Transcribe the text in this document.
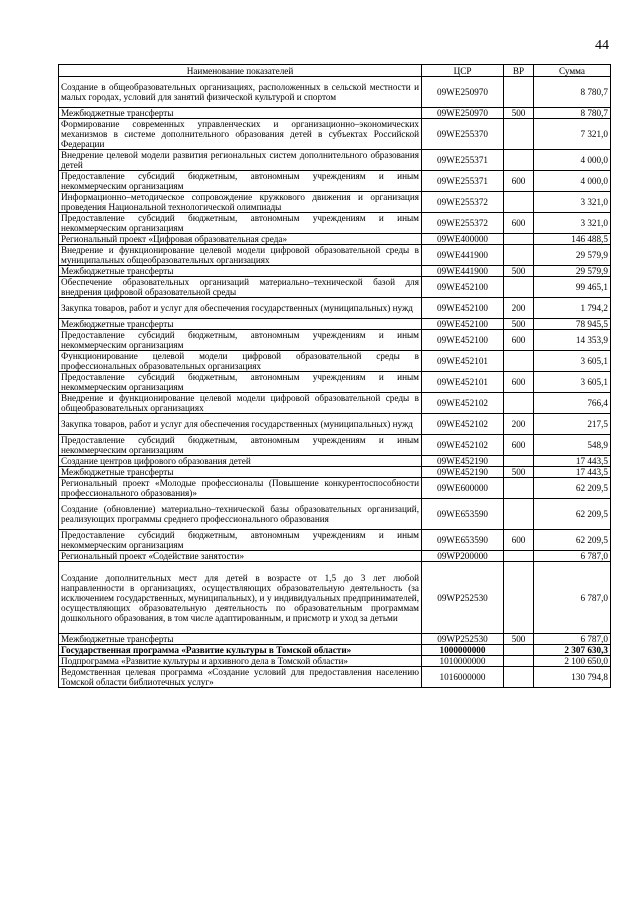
44
Наименование показателей	ЦСР	ВР	Сумма
Создание в общеобразовательных организациях, расположенных в сельской местности и малых городах, условий для занятий физической культурой и спортом	09WE250970		8 780,7
Межбюджетные трансферты	09WE250970	500	8 780,7
Формирование современных управленческих и организационно–экономических механизмов в системе дополнительного образования детей в субъектах Российской Федерации	09WE255370		7 321,0
Внедрение целевой модели развития региональных систем дополнительного образования детей	09WE255371		4 000,0
Предоставление субсидий бюджетным, автономным учреждениям и иным некоммерческим организациям	09WE255371	600	4 000,0
Информационно–методическое сопровождение кружкового движения и организация проведения Национальной технологической олимпиады	09WE255372		3 321,0
Предоставление субсидий бюджетным, автономным учреждениям и иным некоммерческим организациям	09WE255372	600	3 321,0
Региональный проект «Цифровая образовательная среда»	09WE400000		146 488,5
Внедрение и функционирование целевой модели цифровой образовательной среды в муниципальных общеобразовательных организациях	09WE441900		29 579,9
Межбюджетные трансферты	09WE441900	500	29 579,9
Обеспечение образовательных организаций материально–технической базой для внедрения цифровой образовательной среды	09WE452100		99 465,1
Закупка товаров, работ и услуг для обеспечения государственных (муниципальных) нужд	09WE452100	200	1 794,2
Межбюджетные трансферты	09WE452100	500	78 945,5
Предоставление субсидий бюджетным, автономным учреждениям и иным некоммерческим организациям	09WE452100	600	14 353,9
Функционирование целевой модели цифровой образовательной среды в профессиональных образовательных организациях	09WE452101		3 605,1
Предоставление субсидий бюджетным, автономным учреждениям и иным некоммерческим организациям	09WE452101	600	3 605,1
Внедрение и функционирование целевой модели цифровой образовательной среды в общеобразовательных организациях	09WE452102		766,4
Закупка товаров, работ и услуг для обеспечения государственных (муниципальных) нужд	09WE452102	200	217,5
Предоставление субсидий бюджетным, автономным учреждениям и иным некоммерческим организациям	09WE452102	600	548,9
Создание центров цифрового образования детей	09WE452190		17 443,5
Межбюджетные трансферты	09WE452190	500	17 443,5
Региональный проект «Молодые профессионалы (Повышение конкурентоспособности профессионального образования)»	09WE600000		62 209,5
Создание (обновление) материально–технической базы образовательных организаций, реализующих программы среднего профессионального образования	09WE653590		62 209,5
Предоставление субсидий бюджетным, автономным учреждениям и иным некоммерческим организациям	09WE653590	600	62 209,5
Региональный проект «Содействие занятости»	09WP200000		6 787,0
Создание дополнительных мест для детей в возрасте от 1,5 до 3 лет любой направленности в организациях, осуществляющих образовательную деятельность (за исключением государственных, муниципальных), и у индивидуальных предпринимателей, осуществляющих образовательную деятельность по образовательным программам дошкольного образования, в том числе адаптированным, и присмотр и уход за детьми	09WP252530		6 787,0
Межбюджетные трансферты	09WP252530	500	6 787,0
Государственная программа «Развитие культуры в Томской области»	1000000000		2 307 630,3
Подпрограмма «Развитие культуры и архивного дела в Томской области»	1010000000		2 100 650,0
Ведомственная целевая программа «Создание условий для предоставления населению Томской области библиотечных услуг»	1016000000		130 794,8
